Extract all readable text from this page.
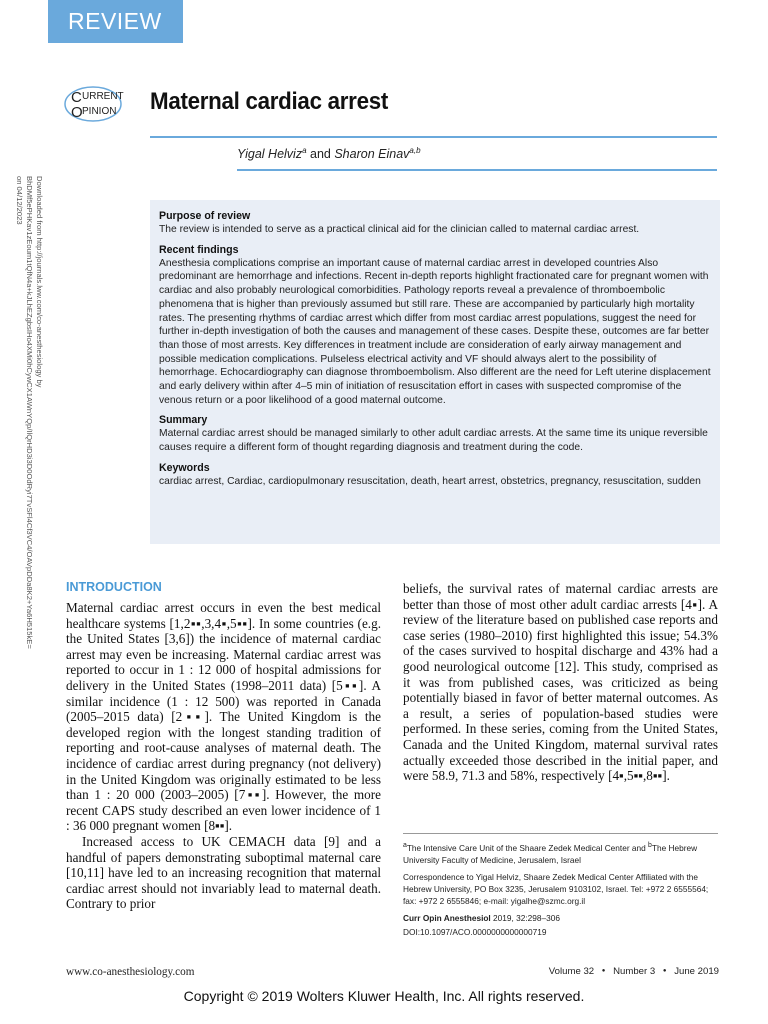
REVIEW
C URRENT
O PINION Maternal cardiac arrest
Yigal Helviz$^a$ and Sharon Einav$^{a,b}$
Downloaded from http://journals.lww.com/co-anesthesiology by BhDMf5ePHKav1zEoum1tQfN4a+kJLhEZgbsIHo4XMi0hCywCX1AWnYQp/IlQrHD3i3D0OdRyi7TvSFl4Cf3VC4/OAVpDDa8K2+Ya6H515kE= on 04/12/2023	Purpose of review

The review is intended to serve as a practical clinical aid for the clinician called to maternal cardiac arrest.

Recent findings

Anesthesia complications comprise an important cause of maternal cardiac arrest in developed countries Also predominant are hemorrhage and infections. Recent in-depth reports highlight fractionated care for pregnant women with cardiac and also probably neurological comorbidities. Pathology reports reveal a prevalence of thromboembolic phenomena that is higher than previously assumed but still rare. These are accompanied by particularly high mortality rates. The presenting rhythms of cardiac arrest which differ from most cardiac arrest populations, suggest the need for further in-depth investigation of both the causes and management of these cases. Despite these, outcomes are far better than those of most arrests. Key differences in treatment include are consideration of early airway management and possible medication complications. Pulseless electrical activity and VF should always alert to the possibility of hemorrhage. Echocardiography can diagnose thromboembolism. Also different are the need for Left uterine displacement and early delivery within after 4–5 min of initiation of resuscitation effort in cases with suspected compromise of the venous return or a poor likelihood of a good maternal outcome.

Summary

Maternal cardiac arrest should be managed similarly to other adult cardiac arrests. At the same time its unique reversible causes require a different form of thought regarding diagnosis and treatment during the code.

Keywords

cardiac arrest, Cardiac, cardiopulmonary resuscitation, death, heart arrest, obstetrics, pregnancy, resuscitation, sudden

INTRODUCTION

Maternal cardiac arrest occurs in even the best medical healthcare systems [1,2▪▪,3,4▪,5▪▪]. In some countries (e.g. the United States [3,6]) the incidence of maternal cardiac arrest may even be increasing. Maternal cardiac arrest was reported to occur in 1 : 12 000 of hospital admissions for delivery in the United States (1998–2011 data) [5▪▪]. A similar incidence (1 : 12 500) was reported in Canada (2005–2015 data) [2▪▪]. The United Kingdom is the developed region with the longest standing tradition of reporting and root-cause analyses of maternal death. The incidence of cardiac arrest during pregnancy (not delivery) in the United Kingdom was originally estimated to be less than 1 : 20 000 (2003–2005) [7▪▪]. However, the more recent CAPS study described an even lower incidence of 1 : 36 000 pregnant women [8▪▪].

Increased access to UK CEMACH data [9] and a handful of papers demonstrating suboptimal maternal care [10,11] have led to an increasing recognition that maternal cardiac arrest should not invariably lead to maternal death. Contrary to prior

beliefs, the survival rates of maternal cardiac arrests are better than those of most other adult cardiac arrests [4▪]. A review of the literature based on published case reports and case series (1980–2010) first highlighted this issue; 54.3% of the cases survived to hospital discharge and 43% had a good neurological outcome [12]. This study, comprised as it was from published cases, was criticized as being potentially biased in favor of better maternal outcomes. As a result, a series of population-based studies were performed. In these series, coming from the United States, Canada and the United Kingdom, maternal survival rates actually exceeded those described in the initial paper, and were 58.9, 71.3 and 58%, respectively [4▪,5▪▪,8▪▪].

$^a$The Intensive Care Unit of the Shaare Zedek Medical Center and $^b$The Hebrew University Faculty of Medicine, Jerusalem, Israel

Correspondence to Yigal Helviz, Shaare Zedek Medical Center Affiliated with the Hebrew University, PO Box 3235, Jerusalem 9103102, Israel. Tel: +972 2 6555564; fax: +972 2 6555846; e-mail: yigalhe@szmc.org.il

Curr Opin Anesthesiol 2019, 32:298–306

DOI:10.1097/ACO.0000000000000719

www.co-anesthesiology.com	Volume 32 ● Number 3 ● June 2019
Copyright © 2019 Wolters Kluwer Health, Inc. All rights reserved.
